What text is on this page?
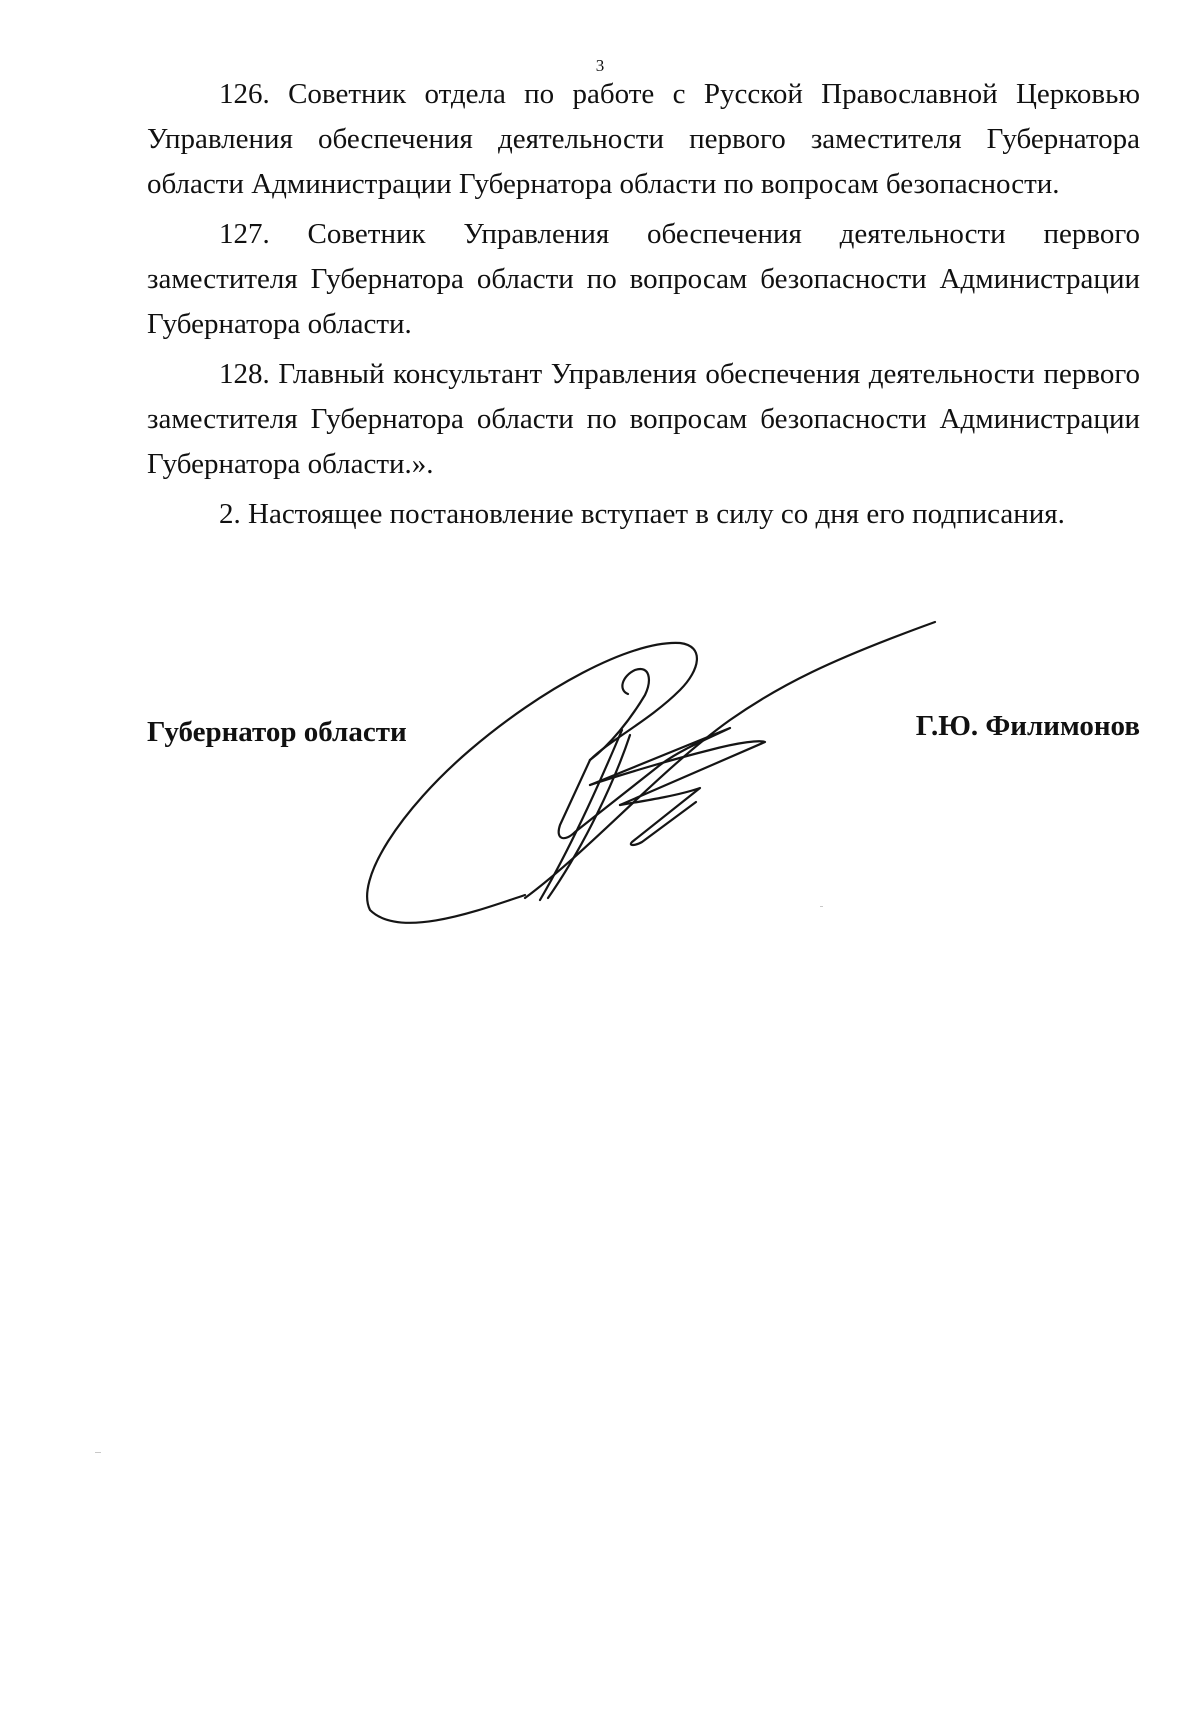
3

126. Советник отдела по работе с Русской Православной Церковью Управления обеспечения деятельности первого заместителя Губернатора области Администрации Губернатора области по вопросам безопасности.

127. Советник Управления обеспечения деятельности первого заместителя Губернатора области по вопросам безопасности Администрации Губернатора области.

128. Главный консультант Управления обеспечения деятельности первого заместителя Губернатора области по вопросам безопасности Администрации Губернатора области.».

2. Настоящее постановление вступает в силу со дня его подписания.

Губернатор области	Г.Ю. Филимонов
